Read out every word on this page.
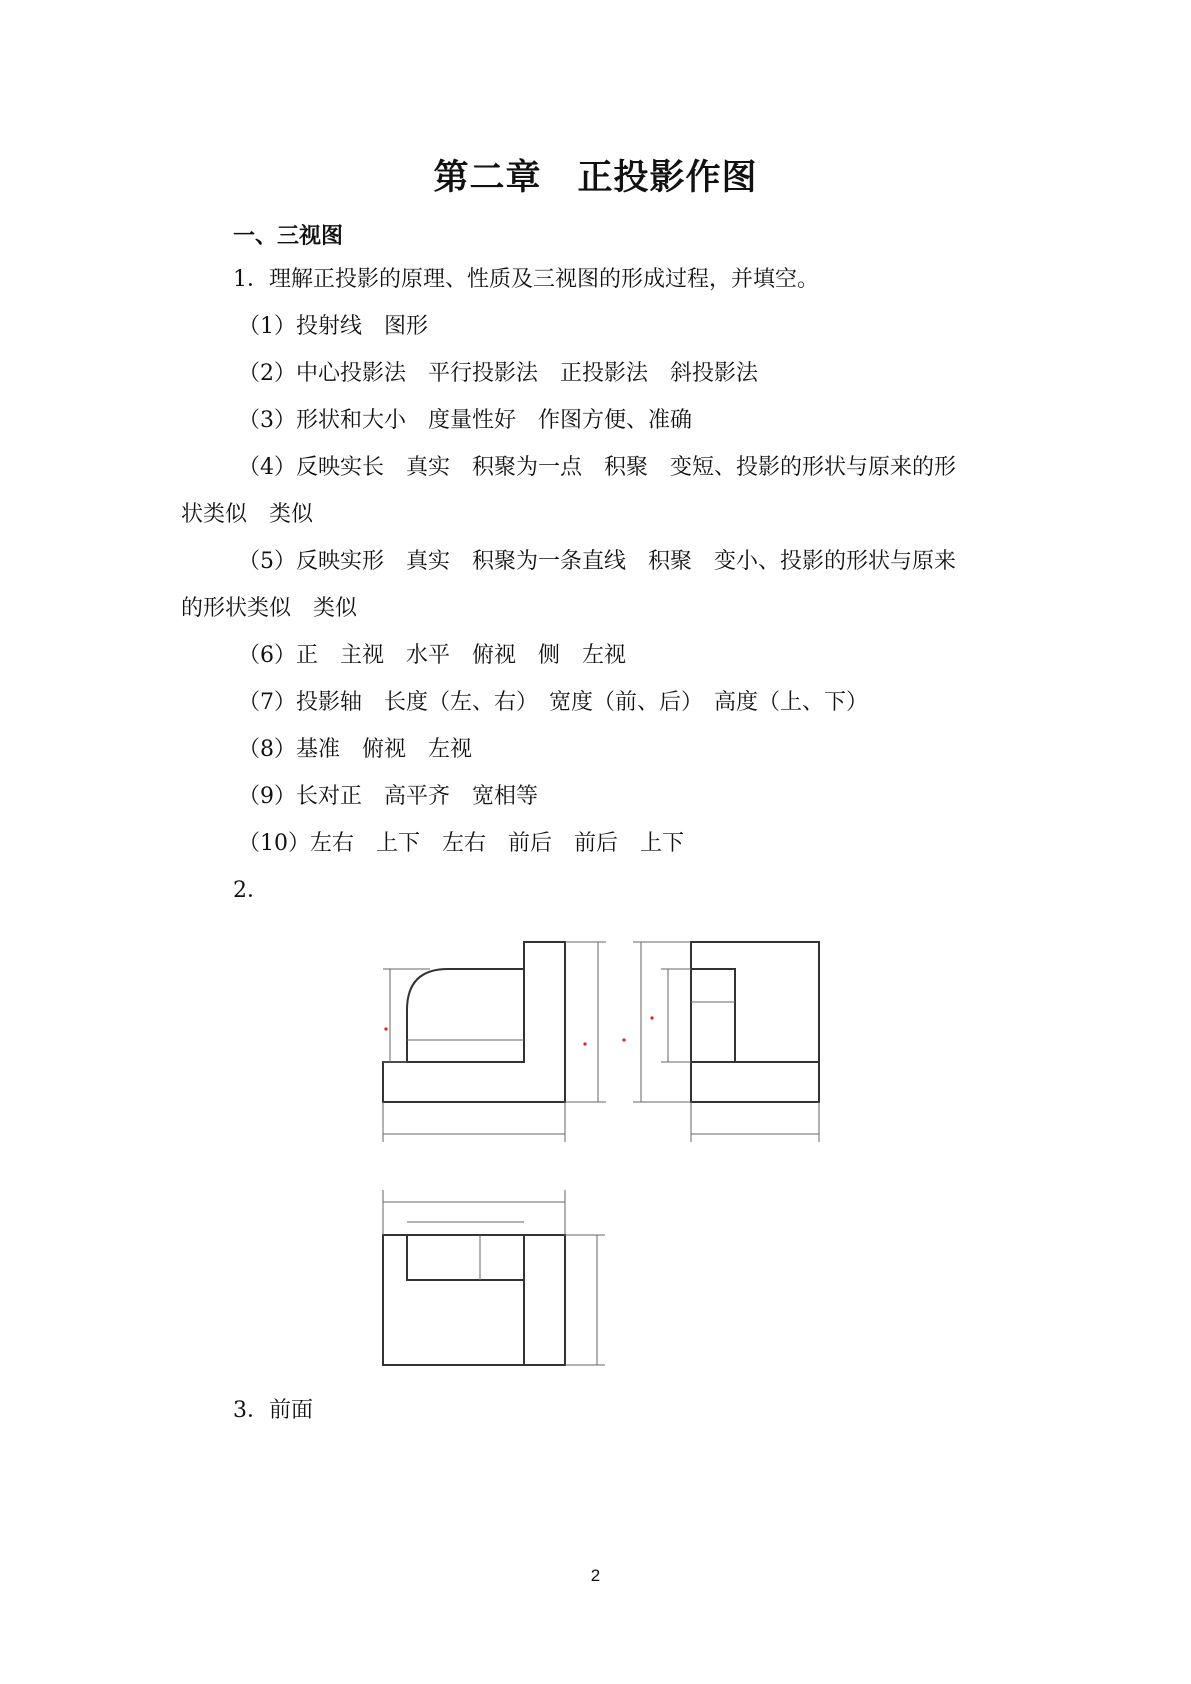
第二章　正投影作图
一、三视图
1．理解正投影的原理、性质及三视图的形成过程，并填空。
（1）投射线　图形
（2）中心投影法　平行投影法　正投影法　斜投影法
（3）形状和大小　度量性好　作图方便、准确
（4）反映实长　真实　积聚为一点　积聚　变短、投影的形状与原来的形
状类似　类似
（5）反映实形　真实　积聚为一条直线　积聚　变小、投影的形状与原来
的形状类似　类似
（6）正　主视　水平　俯视　侧　左视
（7）投影轴　长度（左、右）　宽度（前、后）　高度（上、下）
（8）基准　俯视　左视
（9）长对正　高平齐　宽相等
（10）左右　上下　左右　前后　前后　上下
2．
3．前面
2
